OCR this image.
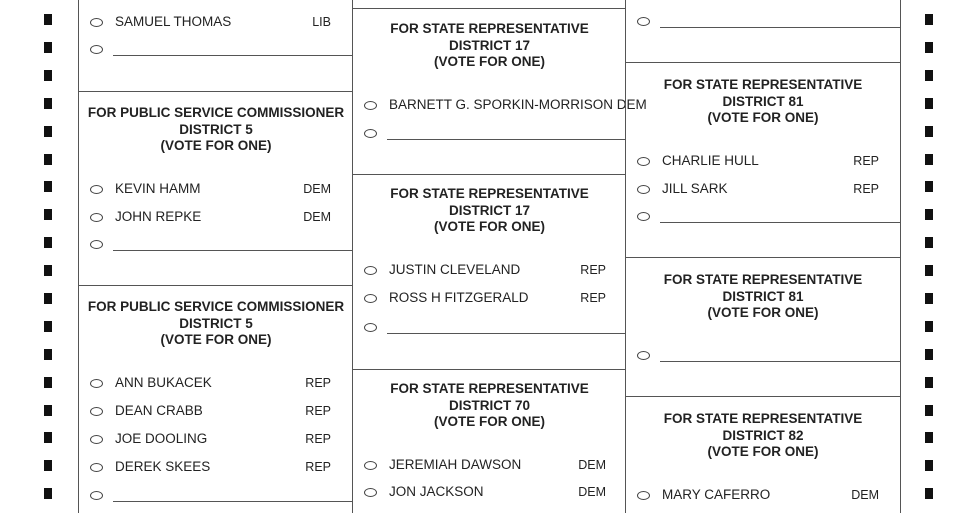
SAMUEL THOMAS	LIB
FOR PUBLIC SERVICE COMMISSIONER
DISTRICT 5
(VOTE FOR ONE)
KEVIN HAMM	DEM
JOHN REPKE	DEM
FOR PUBLIC SERVICE COMMISSIONER
DISTRICT 5
(VOTE FOR ONE)
ANN BUKACEK	REP
DEAN CRABB	REP
JOE DOOLING	REP
DEREK SKEES	REP
FOR STATE REPRESENTATIVE
DISTRICT 17
(VOTE FOR ONE)
BARNETT G. SPORKIN-MORRISON DEM
FOR STATE REPRESENTATIVE
DISTRICT 17
(VOTE FOR ONE)
JUSTIN CLEVELAND	REP
ROSS H FITZGERALD	REP
FOR STATE REPRESENTATIVE
DISTRICT 70
(VOTE FOR ONE)
JEREMIAH DAWSON	DEM
JON JACKSON	DEM
FOR STATE REPRESENTATIVE
DISTRICT 81
(VOTE FOR ONE)
CHARLIE HULL	REP
JILL SARK	REP
FOR STATE REPRESENTATIVE
DISTRICT 81
(VOTE FOR ONE)
FOR STATE REPRESENTATIVE
DISTRICT 82
(VOTE FOR ONE)
MARY CAFERRO	DEM
